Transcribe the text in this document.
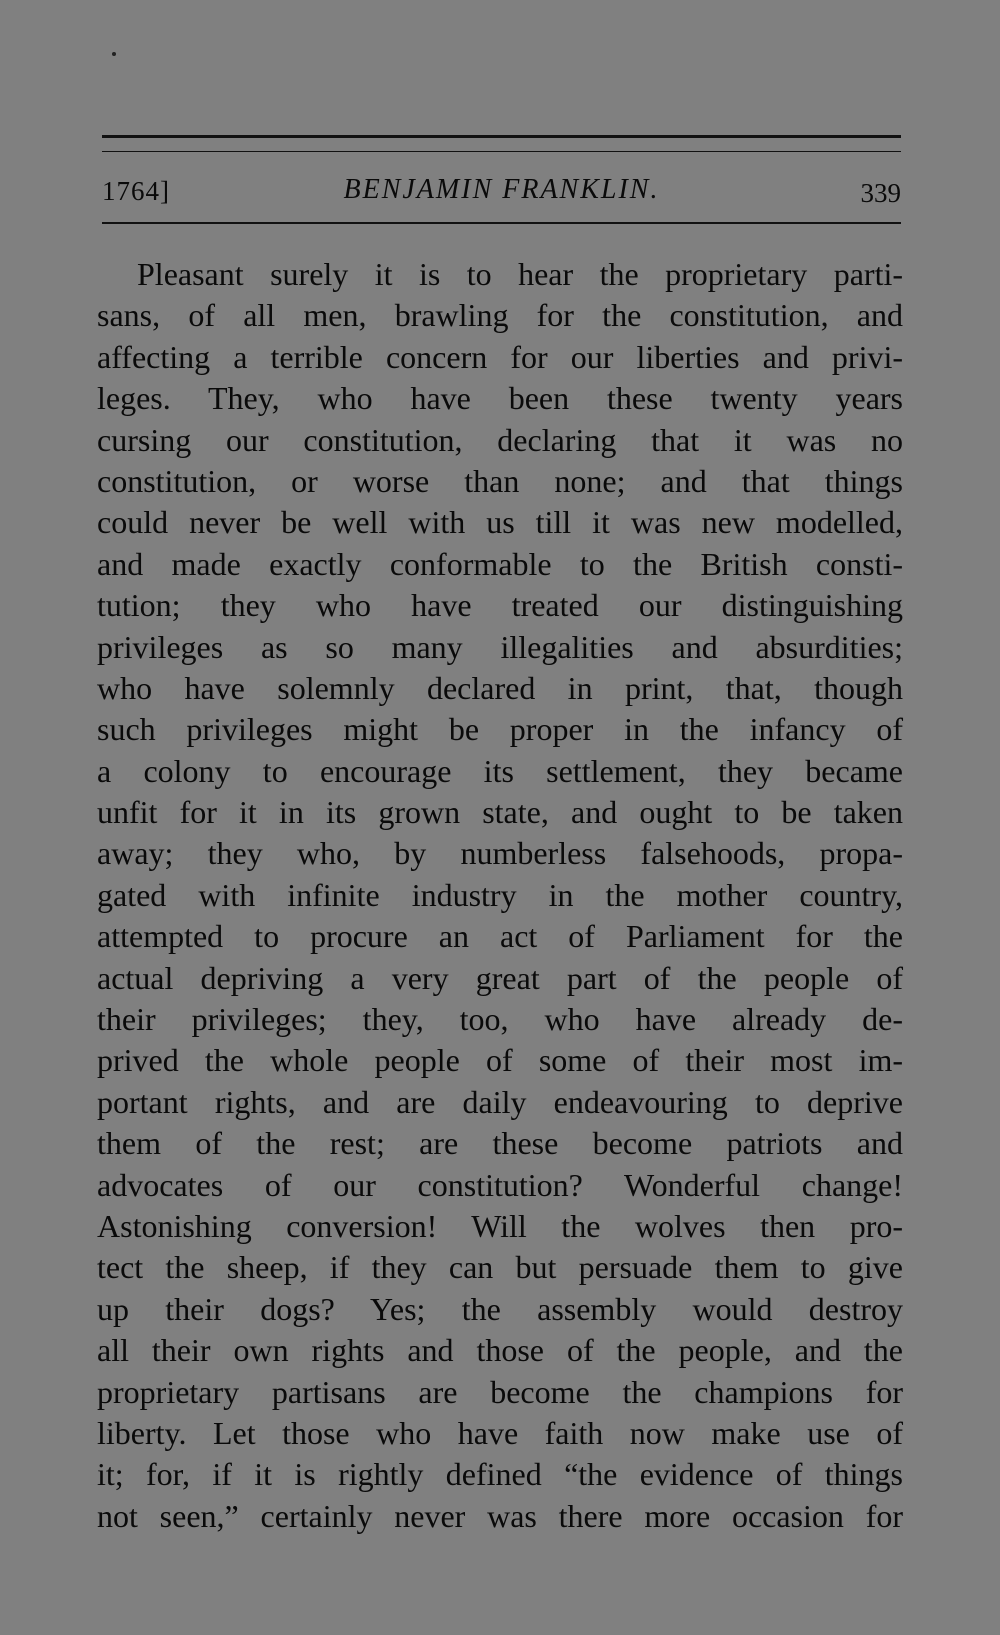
1764]	BENJAMIN FRANKLIN.	339
Pleasant surely it is to hear the proprietary parti-
sans, of all men, brawling for the constitution, and
affecting a terrible concern for our liberties and privi-
leges. They, who have been these twenty years
cursing our constitution, declaring that it was no
constitution, or worse than none; and that things
could never be well with us till it was new modelled,
and made exactly conformable to the British consti-
tution; they who have treated our distinguishing
privileges as so many illegalities and absurdities;
who have solemnly declared in print, that, though
such privileges might be proper in the infancy of
a colony to encourage its settlement, they became
unfit for it in its grown state, and ought to be taken
away; they who, by numberless falsehoods, propa-
gated with infinite industry in the mother country,
attempted to procure an act of Parliament for the
actual depriving a very great part of the people of
their privileges; they, too, who have already de-
prived the whole people of some of their most im-
portant rights, and are daily endeavouring to deprive
them of the rest; are these become patriots and
advocates of our constitution? Wonderful change!
Astonishing conversion! Will the wolves then pro-
tect the sheep, if they can but persuade them to give
up their dogs? Yes; the assembly would destroy
all their own rights and those of the people, and the
proprietary partisans are become the champions for
liberty. Let those who have faith now make use of
it; for, if it is rightly defined “the evidence of things
not seen,” certainly never was there more occasion for
